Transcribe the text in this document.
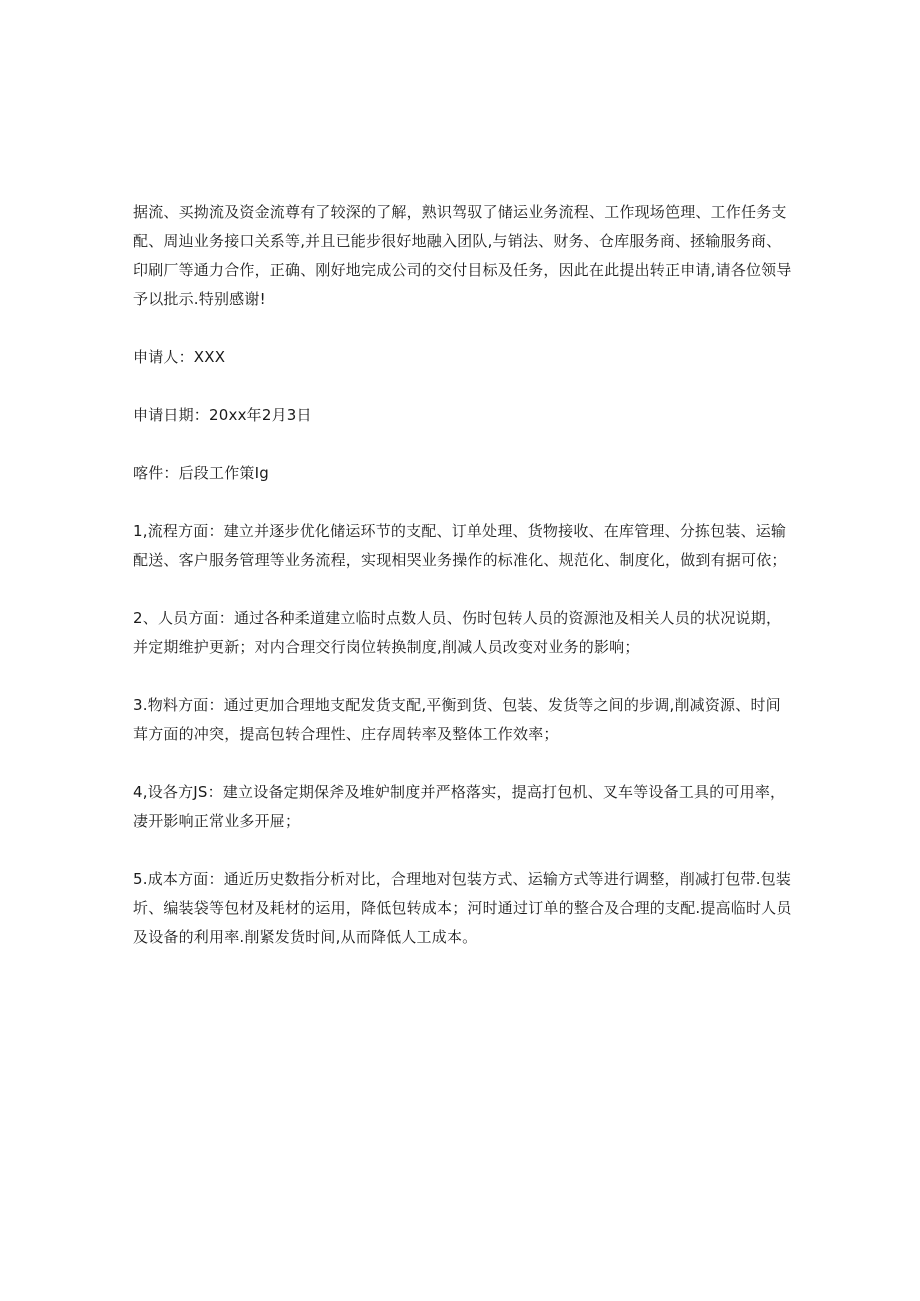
据流、买拗流及资金流尊有了较深的了解，熟识驾驭了储运业务流程、工作现场笆理、工作任务支配、周辿业务接口关系等,并且已能步很好地融入团队,与销法、财务、仓库服务商、拯输服务商、印刷厂等通力合作，正确、刚好地完成公司的交付目标及任务，因此在此提出转正申请,请各位领导予以批示.特别感谢!

申请人：XXX

申请日期：20xx年2月3日

喀件：后段工作策Ig

1,流程方面：建立并逐步优化储运环节的支配、订单处理、货物接收、在库管理、分拣包装、运输配送、客户服务管理等业务流程，实现相哭业务操作的标准化、规范化、制度化，做到有据可依；

2、人员方面：通过各种柔道建立临时点数人员、伤时包转人员的资源池及相关人员的状况说期，并定期维护更新；对内合理交行岗位转换制度,削减人员改变对业务的影响；

3.物料方面：通过更加合理地支配发货支配,平衡到货、包装、发货等之间的步调,削减资源、时间茸方面的冲突，提高包转合理性、庄存周转率及整体工作效率；

4,设各方JS：建立设备定期保斧及堆妒制度并严格落实，提高打包机、叉车等设备工具的可用率，凄开影响正常业多开屉；

5.成本方面：通近历史数指分析对比，合理地对包装方式、运输方式等进行调整，削减打包带.包装圻、编装袋等包材及耗材的运用，降低包转成本；河时通过订单的整合及合理的支配.提高临时人员及设备的利用率.削紧发货时间,从而降低人工成本。
